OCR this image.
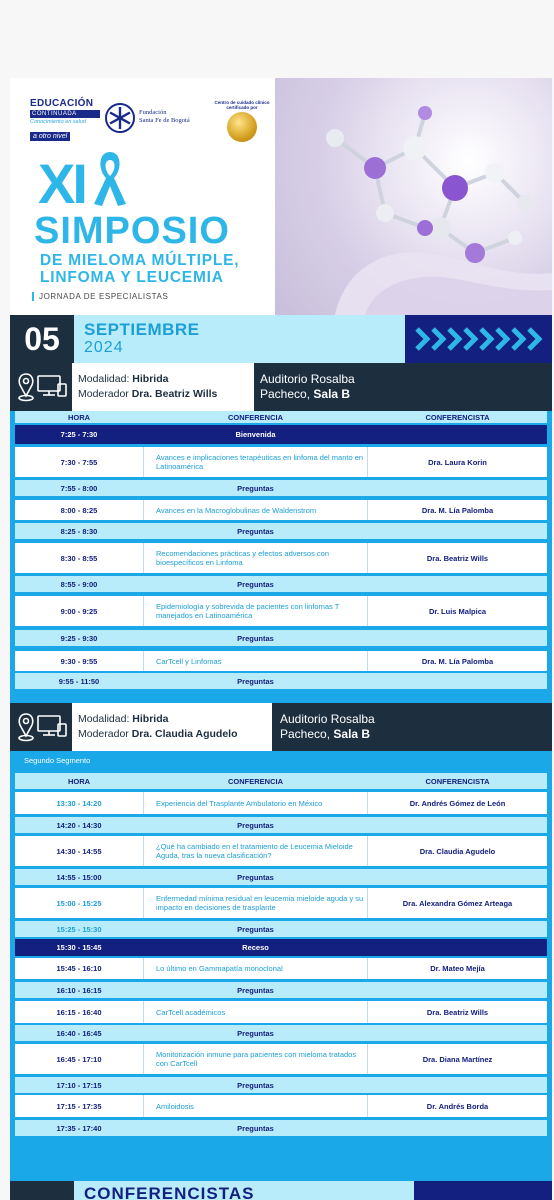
EDUCACIÓN
CONTINUADA
Conocimiento en salud
a otro nivel
Fundación
Santa Fe de Bogotá
Centro de cuidado clínico certificado por
XI
SIMPOSIO
DE MIELOMA MÚLTIPLE,
LINFOMA Y LEUCEMIA
JORNADA DE ESPECIALISTAS
05	SEPTIEMBRE
2024
Modalidad: Hibrida
Moderador Dra. Beatriz Wills
Auditorio Rosalba
Pacheco, Sala B
HORA	CONFERENCIA	CONFERENCISTA
7:25 - 7:30	Bienvenida
7:30 - 7:55	Avances e implicaciones terapéuticas en linfoma del manto en Latinoamérica	Dra. Laura Korin
7:55 - 8:00	Preguntas
8:00 - 8:25	Avances en la Macroglobulinas de Waldenstrom	Dra. M. Lía Palomba
8:25 - 8:30	Preguntas
8:30 - 8:55	Recomendaciones prácticas y efectos adversos con bioespecíficos en Linfoma	Dra. Beatriz Wills
8:55 - 9:00	Preguntas
9:00 - 9:25	Epidemiología y sobrevida de pacientes con linfomas T manejados en Latinoamérica	Dr. Luis Malpica
9:25 - 9:30	Preguntas
9:30 - 9:55	CarTcell y Linfomas	Dra. M. Lía Palomba
9:55 - 11:50	Preguntas
Modalidad: Hibrida
Moderador Dra. Claudia Agudelo
Auditorio Rosalba
Pacheco, Sala B
Segundo Segmento
HORA	CONFERENCIA	CONFERENCISTA
13:30 - 14:20	Experiencia del Trasplante Ambulatorio en México	Dr. Andrés Gómez de León
14:20 - 14:30	Preguntas
14:30 - 14:55	¿Qué ha cambiado en el tratamiento de Leucemia Mieloide Aguda, tras la nueva clasificación?	Dra. Claudia Agudelo
14:55 - 15:00	Preguntas
15:00 - 15:25	Enfermedad mínima residual en leucemia mieloide aguda y su impacto en decisiones de trasplante	Dra. Alexandra Gómez Arteaga
15:25 - 15:30	Preguntas
15:30 - 15:45	Receso
15:45 - 16:10	Lo último en Gammapatía monoclonal	Dr. Mateo Mejía
16:10 - 16:15	Preguntas
16:15 - 16:40	CarTcell académicos	Dra. Beatriz Wills
16:40 - 16:45	Preguntas
16:45 - 17:10	Monitorización inmune para pacientes con mieloma tratados con CarTcell	Dra. Diana Martínez
17:10 - 17:15	Preguntas
17:15 - 17:35	Amiloidosis	Dr. Andrés Borda
17:35 - 17:40	Preguntas
CONFERENCISTAS
